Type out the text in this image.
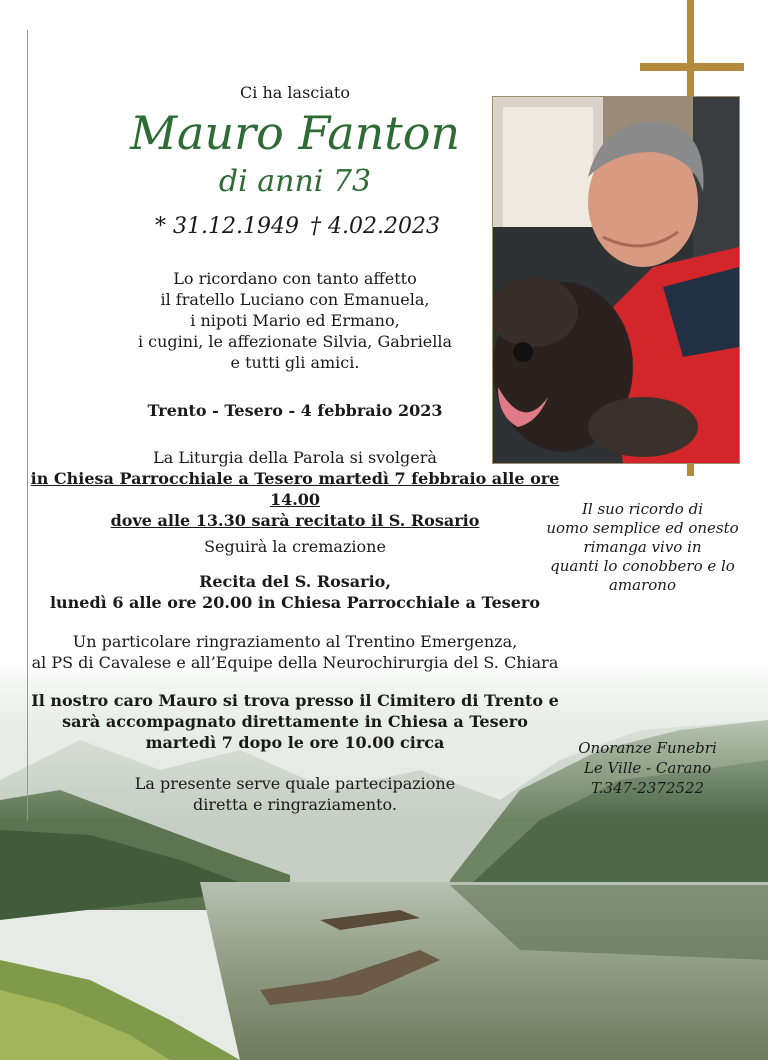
Ci ha lasciato
Mauro Fanton
di anni 73
* 31.12.1949 † 4.02.2023
Lo ricordano con tanto affetto
il fratello Luciano con Emanuela,
i nipoti Mario ed Ermano,
i cugini, le affezionate Silvia, Gabriella
e tutti gli amici.
Trento - Tesero - 4 febbraio 2023
La Liturgia della Parola si svolgerà
in Chiesa Parrocchiale a Tesero martedì 7 febbraio alle ore 14.00
dove alle 13.30 sarà recitato il S. Rosario
Seguirà la cremazione
Recita del S. Rosario,
lunedì 6 alle ore 20.00 in Chiesa Parrocchiale a Tesero
Un particolare ringraziamento al Trentino Emergenza,
al PS di Cavalese e all’Equipe della Neurochirurgia del S. Chiara
Il nostro caro Mauro si trova presso il Cimitero di Trento e
sarà accompagnato direttamente in Chiesa a Tesero
martedì 7 dopo le ore 10.00 circa
La presente serve quale partecipazione
diretta e ringraziamento.
Il suo ricordo di
uomo semplice ed onesto
rimanga vivo in
quanti lo conobbero e lo
amarono
Onoranze Funebri
Le Ville - Carano
T.347-2372522
